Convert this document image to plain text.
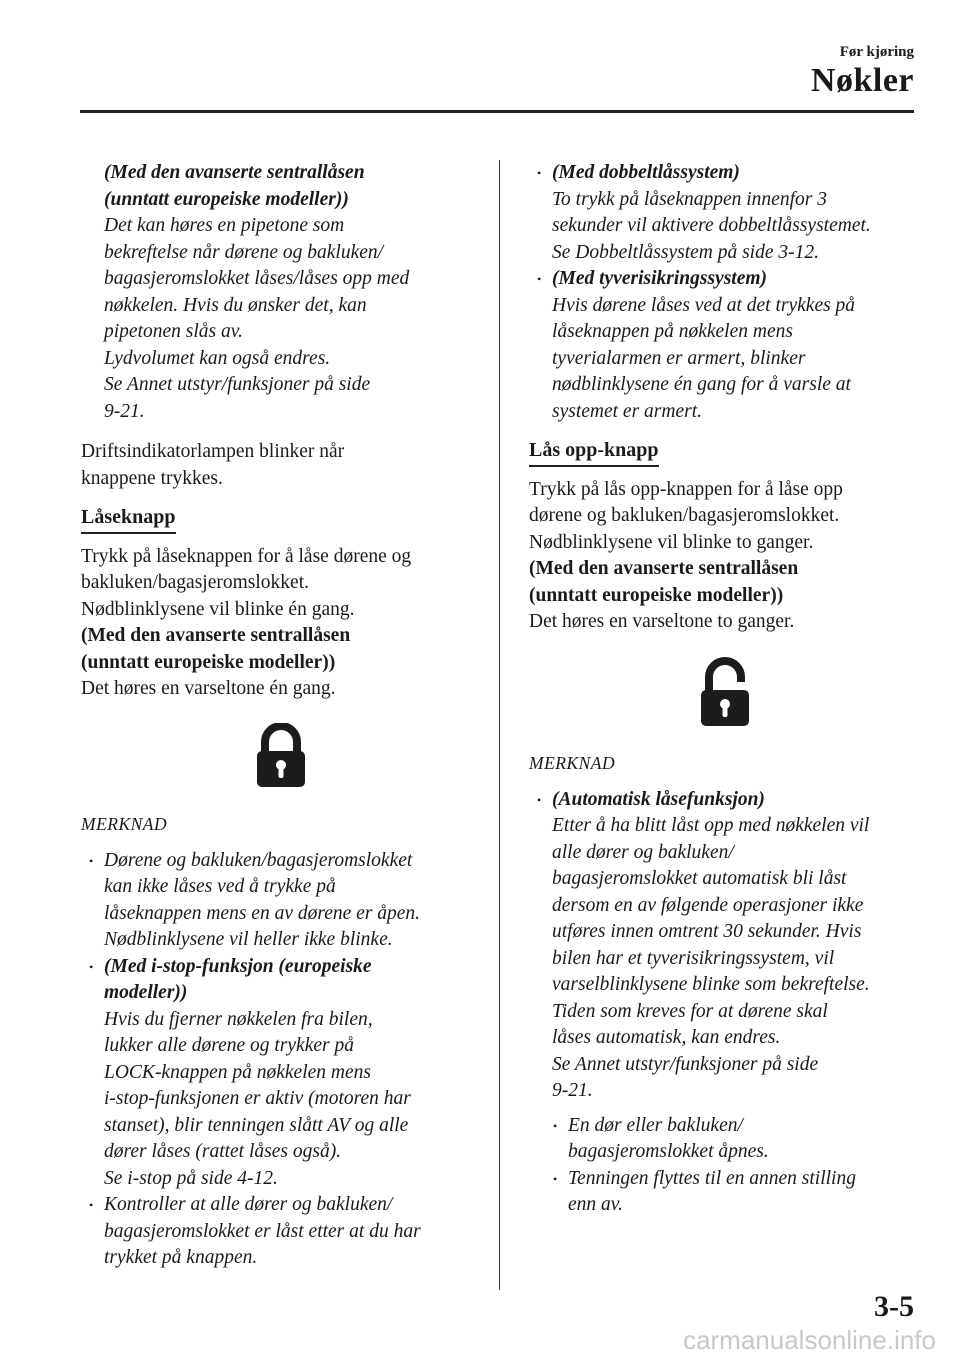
Før kjøring
Nøkler
(Med den avanserte sentrallåsen
(unntatt europeiske modeller))
Det kan høres en pipetone som
bekreftelse når dørene og bakluken/
bagasjeromslokket låses/låses opp med
nøkkelen. Hvis du ønsker det, kan
pipetonen slås av.
Lydvolumet kan også endres.
Se Annet utstyr/funksjoner på side
9-21.
Driftsindikatorlampen blinker når
knappene trykkes.
Låseknapp
Trykk på låseknappen for å låse dørene og
bakluken/bagasjeromslokket.
Nødblinklysene vil blinke én gang.
(Med den avanserte sentrallåsen
(unntatt europeiske modeller))
Det høres en varseltone én gang.
MERKNAD
• Dørene og bakluken/bagasjeromslokket
kan ikke låses ved å trykke på
låseknappen mens en av dørene er åpen.
Nødblinklysene vil heller ikke blinke.
• (Med i-stop-funksjon (europeiske
modeller))
Hvis du fjerner nøkkelen fra bilen,
lukker alle dørene og trykker på
LOCK-knappen på nøkkelen mens
i-stop-funksjonen er aktiv (motoren har
stanset), blir tenningen slått AV og alle
dører låses (rattet låses også).
Se i-stop på side 4-12.
• Kontroller at alle dører og bakluken/
bagasjeromslokket er låst etter at du har
trykket på knappen.
• (Med dobbeltlåssystem)
To trykk på låseknappen innenfor 3
sekunder vil aktivere dobbeltlåssystemet.
Se Dobbeltlåssystem på side 3-12.
• (Med tyverisikringssystem)
Hvis dørene låses ved at det trykkes på
låseknappen på nøkkelen mens
tyverialarmen er armert, blinker
nødblinklysene én gang for å varsle at
systemet er armert.
Lås opp-knapp
Trykk på lås opp-knappen for å låse opp
dørene og bakluken/bagasjeromslokket.
Nødblinklysene vil blinke to ganger.
(Med den avanserte sentrallåsen
(unntatt europeiske modeller))
Det høres en varseltone to ganger.
MERKNAD
• (Automatisk låsefunksjon)
Etter å ha blitt låst opp med nøkkelen vil
alle dører og bakluken/
bagasjeromslokket automatisk bli låst
dersom en av følgende operasjoner ikke
utføres innen omtrent 30 sekunder. Hvis
bilen har et tyverisikringssystem, vil
varselblinklysene blinke som bekreftelse.
Tiden som kreves for at dørene skal
låses automatisk, kan endres.
Se Annet utstyr/funksjoner på side
9-21.
• En dør eller bakluken/
bagasjeromslokket åpnes.
• Tenningen flyttes til en annen stilling
enn av.
3-5
carmanualsonline.info
